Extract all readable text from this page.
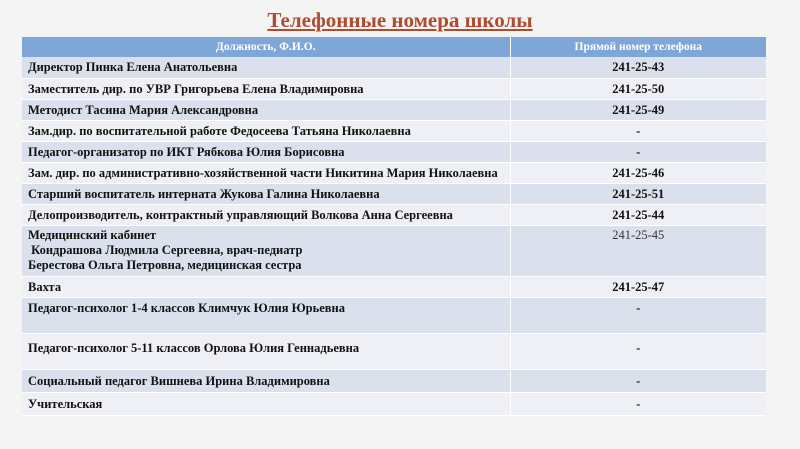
Телефонные номера школы
Должность, Ф.И.О.	Прямой номер телефона
Директор Пинка Елена Анатольевна	241-25-43
Заместитель дир. по УВР Григорьева Елена Владимировна	241-25-50
Методист Тасина Мария Александровна	241-25-49
Зам.дир. по воспитательной работе Федосеева Татьяна Николаевна	-
Педагог-организатор по ИКТ Рябкова Юлия Борисовна	-
Зам. дир. по административно-хозяйственной части Никитина Мария Николаевна	241-25-46
Старший воспитатель интерната Жукова Галина Николаевна	241-25-51
Делопроизводитель, контрактный управляющий Волкова Анна Сергеевна	241-25-44

Медицинский кабинет
Кондрашова Людмила Сергеевна, врач-педиатр
Берестова Ольга Петровна, медицинская сестра	241-25-45
Вахта	241-25-47
Педагог-психолог 1-4 классов Климчук Юлия Юрьевна	-
Педагог-психолог 5-11 классов Орлова Юлия Геннадьевна	-
Социальный педагог Вишнева Ирина Владимировна	-
Учительская	-
